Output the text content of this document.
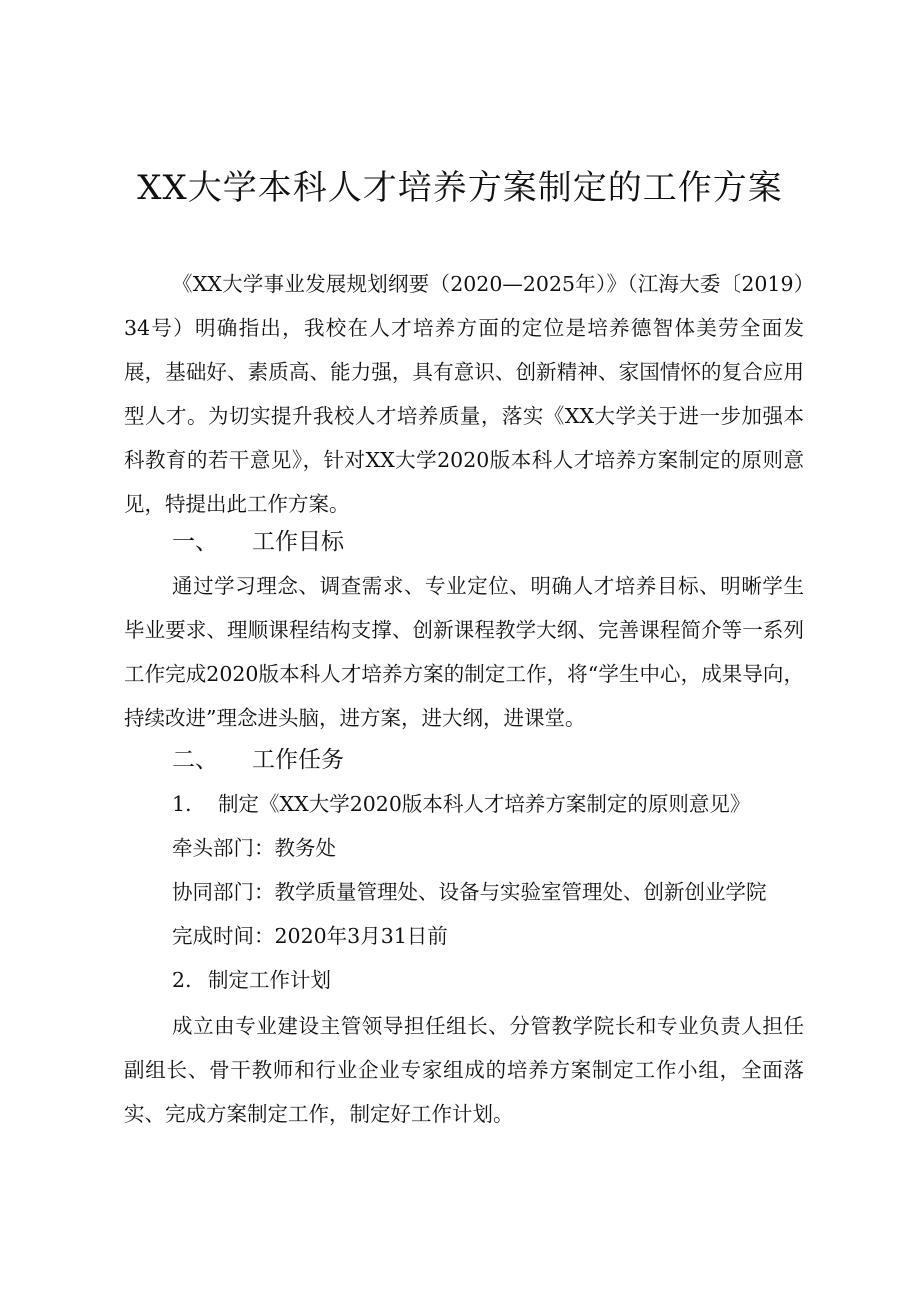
XX大学本科人才培养方案制定的工作方案

《XX大学事业发展规划纲要（2020—2025年）》（江海大委〔2019）34号）明确指出，我校在人才培养方面的定位是培养德智体美劳全面发展，基础好、素质高、能力强，具有意识、创新精神、家国情怀的复合应用型人才。为切实提升我校人才培养质量，落实《XX大学关于进一步加强本科教育的若干意见》，针对XX大学2020版本科人才培养方案制定的原则意见，特提出此工作方案。

一、 工作目标

通过学习理念、调查需求、专业定位、明确人才培养目标、明晰学生毕业要求、理顺课程结构支撑、创新课程教学大纲、完善课程简介等一系列工作完成2020版本科人才培养方案的制定工作，将“学生中心，成果导向，持续改进”理念进头脑，进方案，进大纲，进课堂。

二、 工作任务

1. 制定《XX大学2020版本科人才培养方案制定的原则意见》

牵头部门：教务处

协同部门：教学质量管理处、设备与实验室管理处、创新创业学院

完成时间：2020年3月31日前

2. 制定工作计划

成立由专业建设主管领导担任组长、分管教学院长和专业负责人担任副组长、骨干教师和行业企业专家组成的培养方案制定工作小组，全面落实、完成方案制定工作，制定好工作计划。
